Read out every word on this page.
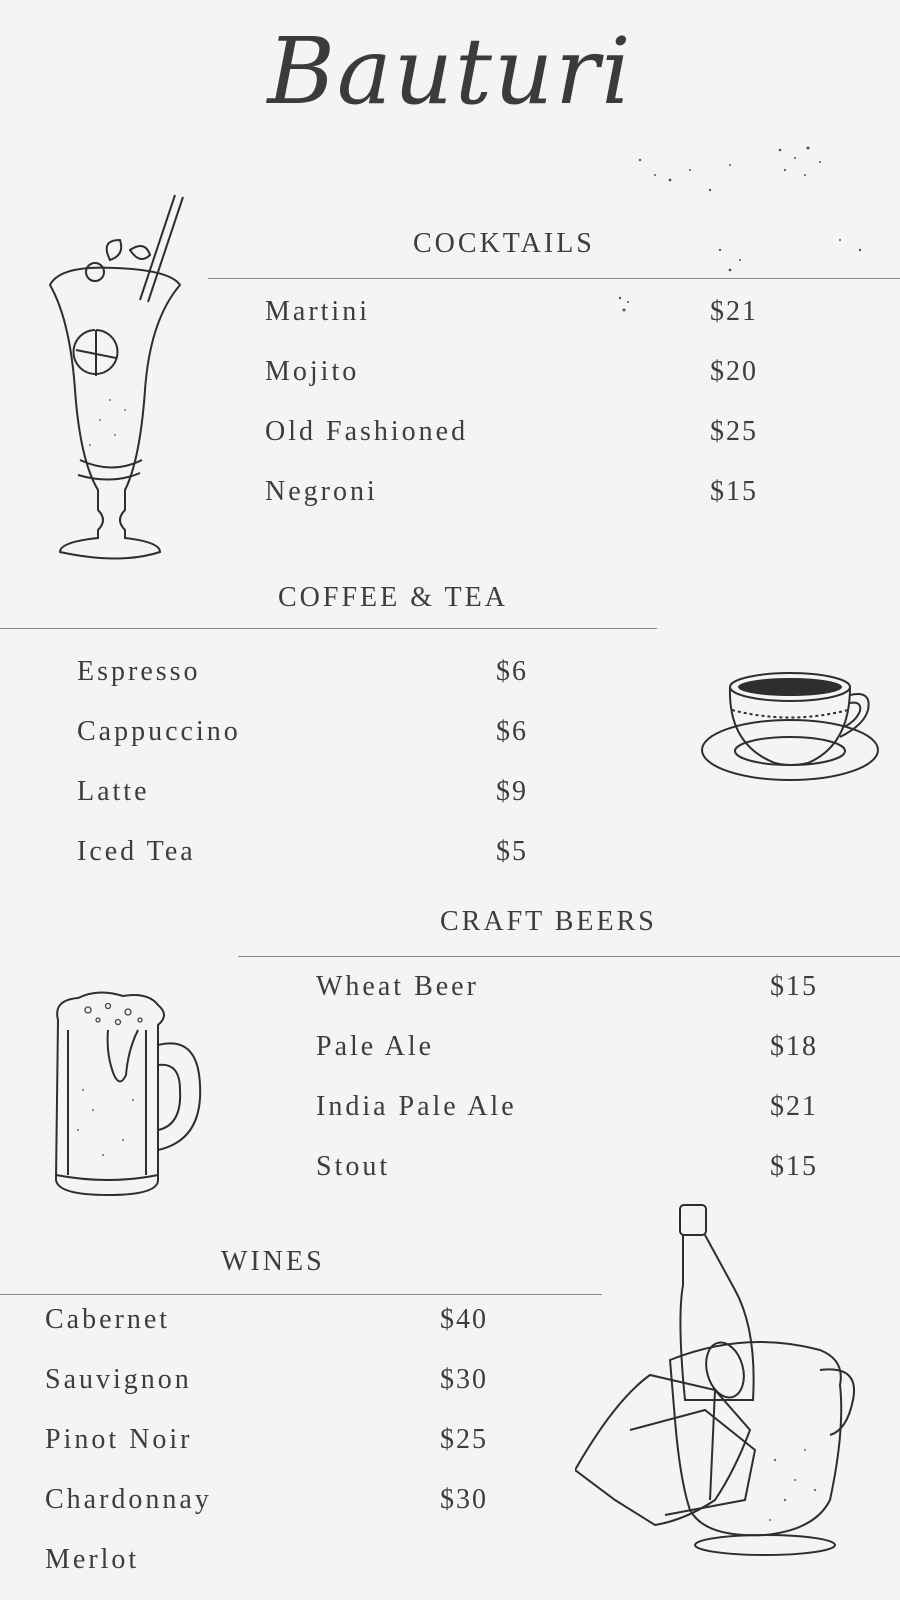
Bauturi
COCKTAILS
Martini	$21
Mojito	$20
Old Fashioned	$25
Negroni	$15
COFFEE & TEA
Espresso	$6
Cappuccino	$6
Latte	$9
Iced Tea	$5
CRAFT BEERS
Wheat Beer	$15
Pale Ale	$18
India Pale Ale	$21
Stout	$15
WINES
Cabernet	$40
Sauvignon	$30
Pinot Noir	$25
Chardonnay	$30
Merlot
